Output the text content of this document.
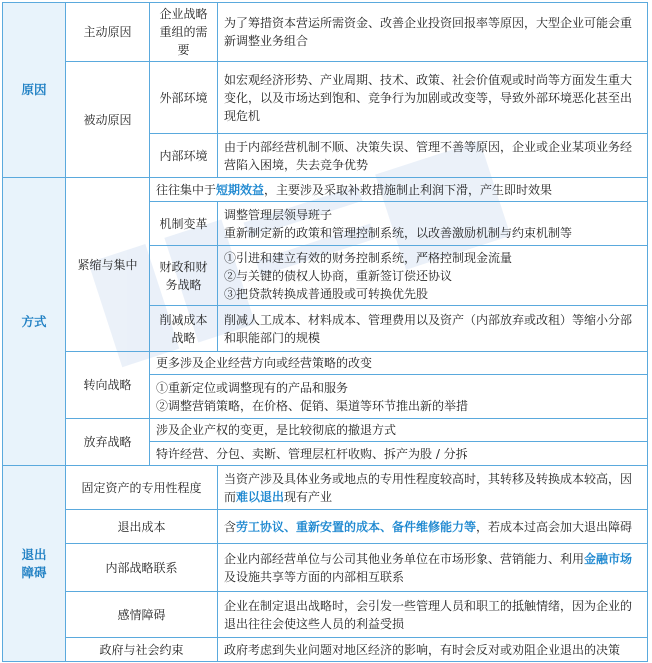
原因	主动原因	企业战略重组的需要	为了筹措资本营运所需资金、改善企业投资回报率等原因，大型企业可能会重新调整业务组合
	被动原因	外部环境	如宏观经济形势、产业周期、技术、政策、社会价值观或时尚等方面发生重大变化，以及市场达到饱和、竞争行为加剧或改变等，导致外部环境恶化甚至出现危机
		内部环境	由于内部经营机制不顺、决策失误、管理不善等原因，企业或企业某项业务经营陷入困境，失去竞争优势
方式	紧缩与集中	往往集中于短期效益，主要涉及采取补救措施制止利润下滑，产生即时效果	
		机制变革	调整管理层领导班子
重新制定新的政策和管理控制系统，以改善激励机制与约束机制等

		财政和财务战略	①引进和建立有效的财务控制系统，严格控制现金流量
②与关键的债权人协商，重新签订偿还协议
③把贷款转换成普通股或可转换优先股

		削减成本战略	削减人工成本、材料成本、管理费用以及资产（内部放弃或改租）等缩小分部和职能部门的规模
	转向战略	更多涉及企业经营方向或经营策略的改变	

		①重新定位或调整现有的产品和服务
②调整营销策略，在价格、促销、渠道等环节推出新的举措	

	放弃战略	涉及企业产权的变更，是比较彻底的撤退方式	
		特许经营、分包、卖断、管理层杠杆收购、拆产为股 / 分拆	
退出障碍	固定资产的专用性程度		当资产涉及具体业务或地点的专用性程度较高时，其转移及转换成本较高，因而难以退出现有产业
	退出成本		含劳工协议、重新安置的成本、备件维修能力等，若成本过高会加大退出障碍
	内部战略联系		企业内部经营单位与公司其他业务单位在市场形象、营销能力、利用金融市场及设施共享等方面的内部相互联系
	感情障碍		企业在制定退出战略时，会引发一些管理人员和职工的抵触情绪，因为企业的退出往往会使这些人员的利益受损
	政府与社会约束		政府考虑到失业问题对地区经济的影响，有时会反对或劝阻企业退出的决策
